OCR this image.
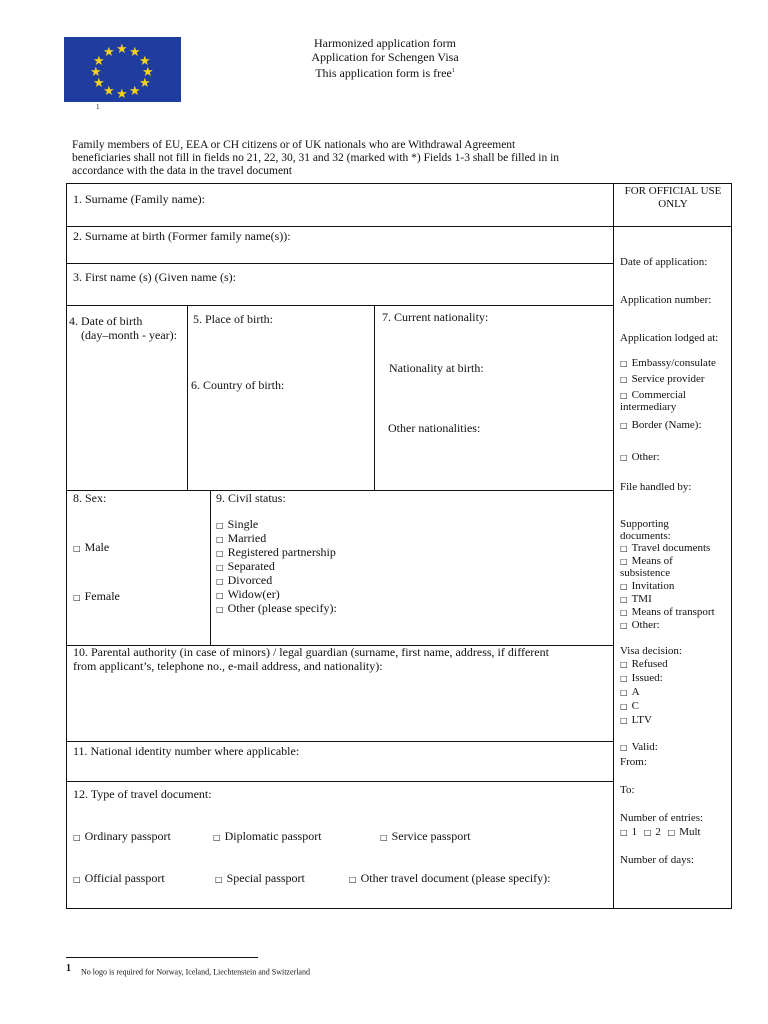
★ ★
★
★
★
★
★
★
★
★
★
★
1
Harmonized application form
Application for Schengen Visa
This application form is free$^1$
Family members of EU, EEA or CH citizens or of UK nationals who are Withdrawal Agreement beneficiaries shall not fill in fields no 21, 22, 30, 31 and 32 (marked with *) Fields 1-3 shall be filled in in accordance with the data in the travel document
1. Surname (Family name):
2. Surname at birth (Former family name(s)):
3. First name (s) (Given name (s):
4. Date of birth
(day–month - year):
5. Place of birth:
6. Country of birth:
7. Current nationality:
Nationality at birth:
Other nationalities:
8. Sex:
□ Male
□ Female
9. Civil status:
□ Single
□ Married
□ Registered partnership
□ Separated
□ Divorced
□ Widow(er)
□ Other (please specify):
10. Parental authority (in case of minors) / legal guardian (surname, first name, address, if different
from applicant’s, telephone no., e-mail address, and nationality):
11. National identity number where applicable:
12. Type of travel document:
□ Ordinary passport	□ Diplomatic passport	□ Service passport
□ Official passport	□ Special passport	□ Other travel document (please specify):
FOR OFFICIAL USE
ONLY
Date of application:
Application number:
Application lodged at:
□ Embassy/consulate
□ Service provider
□ Commercial
intermediary
□ Border (Name):
□ Other:
File handled by:
Supporting
documents:
□ Travel documents
□ Means of
subsistence
□ Invitation
□ TMI
□ Means of transport
□ Other:
Visa decision:
□ Refused
□ Issued:
□ A
□ C
□ LTV
□ Valid:
From:
To:
Number of entries:
□ 1 □ 2 □ Mult
Number of days:
$^1$ No logo is required for Norway, Iceland, Liechtenstein and Switzerland
